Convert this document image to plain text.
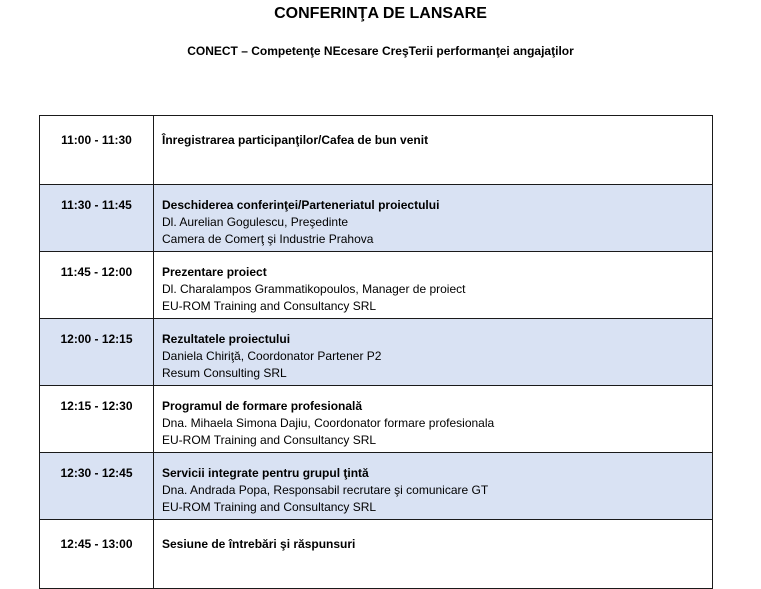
CONFERINŢA DE LANSARE
CONECT – Competenţe NEcesare CreşTerii performanţei angajaţilor
11:00 - 11:30	Înregistrarea participanţilor/Cafea de bun venit

11:30 - 11:45	Deschiderea conferinţei/Parteneriatul proiectului
Dl. Aurelian Gogulescu, Preşedinte
Camera de Comerţ şi Industrie Prahova

11:45 - 12:00	Prezentare proiect
Dl. Charalampos Grammatikopoulos, Manager de proiect
EU-ROM Training and Consultancy SRL

12:00 - 12:15	Rezultatele proiectului
Daniela Chiriţă, Coordonator Partener P2
Resum Consulting SRL

12:15 - 12:30	Programul de formare profesională
Dna. Mihaela Simona Dajiu, Coordonator formare profesionala
EU-ROM Training and Consultancy SRL

12:30 - 12:45	Servicii integrate pentru grupul ţintă
Dna. Andrada Popa, Responsabil recrutare şi comunicare GT
EU-ROM Training and Consultancy SRL

12:45 - 13:00	Sesiune de întrebări şi răspunsuri
